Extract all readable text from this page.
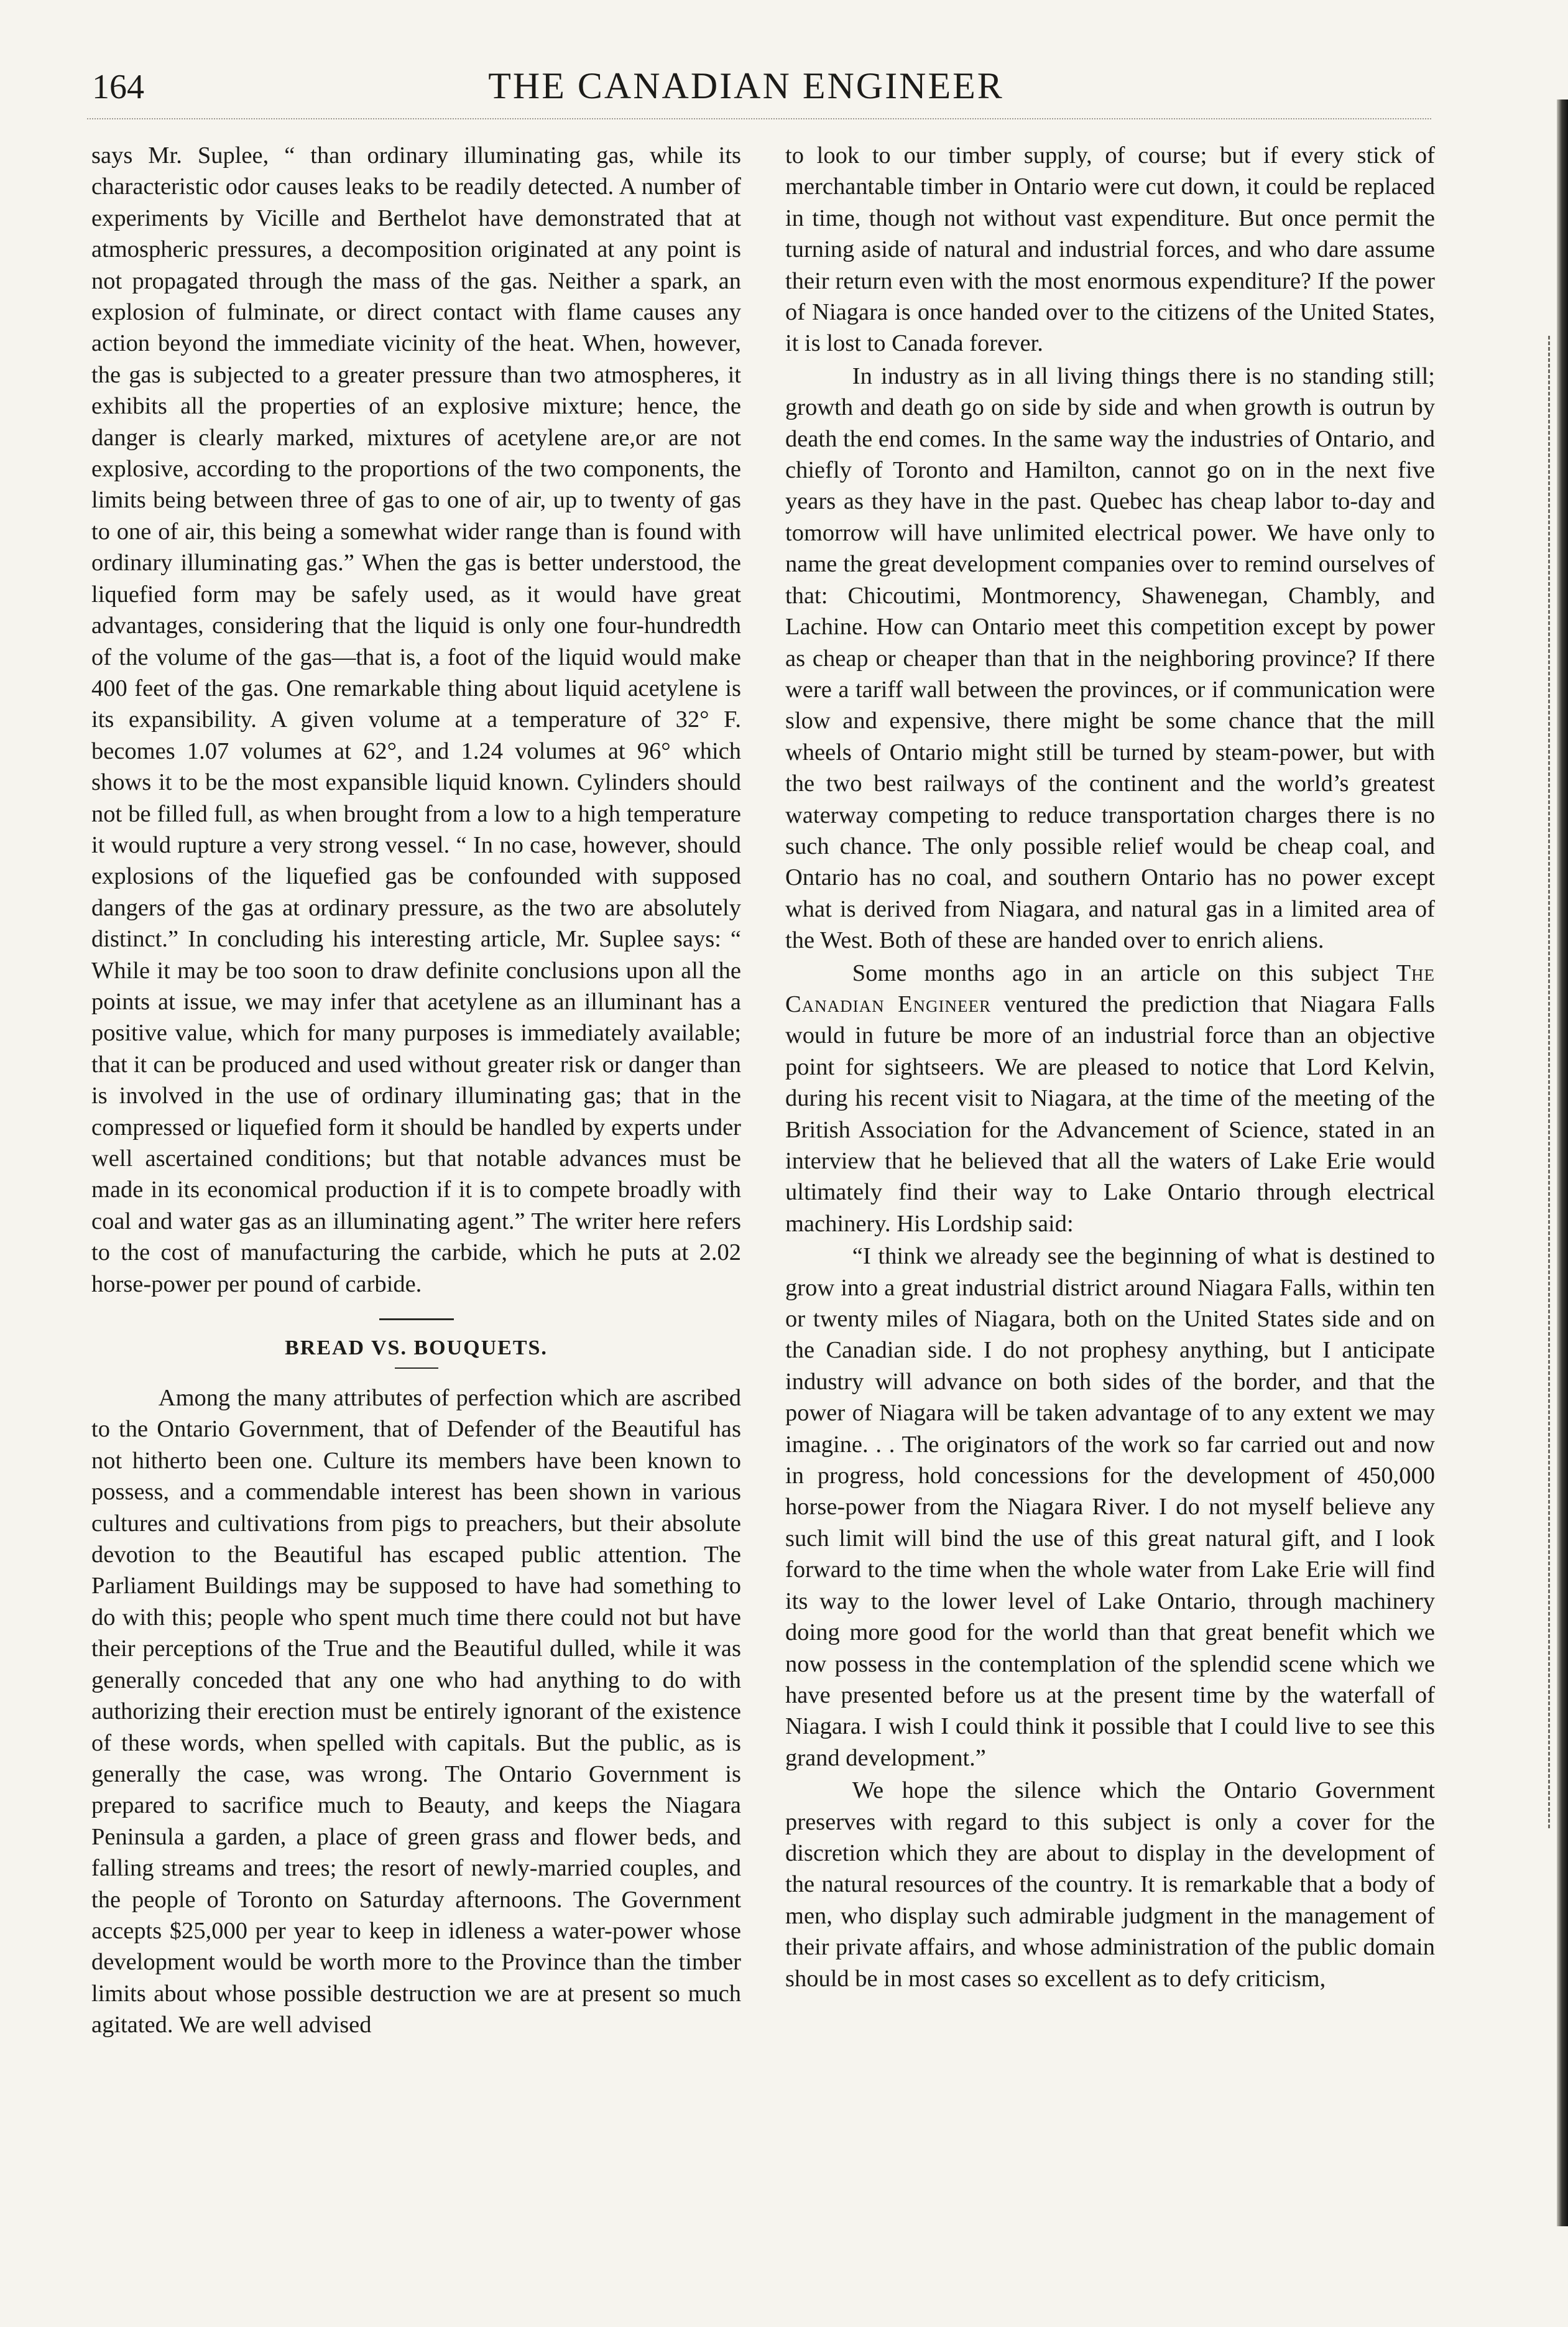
164	THE CANADIAN ENGINEER

says Mr. Suplee, “ than ordinary illuminating gas, while its characteristic odor causes leaks to be readily detected. A number of experiments by Vicille and Berthelot have demonstrated that at atmospheric pressures, a decomposition originated at any point is not propagated through the mass of the gas. Neither a spark, an explosion of fulminate, or direct contact with flame causes any action beyond the immediate vicinity of the heat. When, however, the gas is subjected to a greater pressure than two atmospheres, it exhibits all the properties of an explosive mixture; hence, the danger is clearly marked, mixtures of acetylene are,or are not explosive, according to the proportions of the two components, the limits being between three of gas to one of air, up to twenty of gas to one of air, this being a somewhat wider range than is found with ordinary illuminating gas.” When the gas is better understood, the liquefied form may be safely used, as it would have great advantages, considering that the liquid is only one four-hundredth of the volume of the gas—that is, a foot of the liquid would make 400 feet of the gas. One remarkable thing about liquid acetylene is its expansibility. A given volume at a temperature of 32° F. becomes 1.07 volumes at 62°, and 1.24 volumes at 96° which shows it to be the most expansible liquid known. Cylinders should not be filled full, as when brought from a low to a high temperature it would rupture a very strong vessel. “ In no case, however, should explosions of the liquefied gas be confounded with supposed dangers of the gas at ordinary pressure, as the two are absolutely distinct.” In concluding his interesting article, Mr. Suplee says: “ While it may be too soon to draw definite conclusions upon all the points at issue, we may infer that acetylene as an illuminant has a positive value, which for many purposes is immediately available; that it can be produced and used without greater risk or danger than is involved in the use of ordinary illuminating gas; that in the compressed or liquefied form it should be handled by experts under well ascertained conditions; but that notable advances must be made in its economical production if it is to compete broadly with coal and water gas as an illuminating agent.” The writer here refers to the cost of manufacturing the carbide, which he puts at 2.02 horse-power per pound of carbide.

BREAD VS. BOUQUETS.

Among the many attributes of perfection which are ascribed to the Ontario Government, that of Defender of the Beautiful has not hitherto been one. Culture its members have been known to possess, and a commendable interest has been shown in various cultures and cultivations from pigs to preachers, but their absolute devotion to the Beautiful has escaped public attention. The Parliament Buildings may be supposed to have had something to do with this; people who spent much time there could not but have their perceptions of the True and the Beautiful dulled, while it was generally conceded that any one who had anything to do with authorizing their erection must be entirely ignorant of the existence of these words, when spelled with capitals. But the public, as is generally the case, was wrong. The Ontario Government is prepared to sacrifice much to Beauty, and keeps the Niagara Peninsula a garden, a place of green grass and flower beds, and falling streams and trees; the resort of newly-married couples, and the people of Toronto on Saturday afternoons. The Government accepts $25,000 per year to keep in idleness a water-power whose development would be worth more to the Province than the timber limits about whose possible destruction we are at present so much agitated. We are well advised

to look to our timber supply, of course; but if every stick of merchantable timber in Ontario were cut down, it could be replaced in time, though not without vast expenditure. But once permit the turning aside of natural and industrial forces, and who dare assume their return even with the most enormous expenditure? If the power of Niagara is once handed over to the citizens of the United States, it is lost to Canada forever.

In industry as in all living things there is no standing still; growth and death go on side by side and when growth is outrun by death the end comes. In the same way the industries of Ontario, and chiefly of Toronto and Hamilton, cannot go on in the next five years as they have in the past. Quebec has cheap labor to-day and tomorrow will have unlimited electrical power. We have only to name the great development companies over to remind ourselves of that: Chicoutimi, Montmorency, Shawenegan, Chambly, and Lachine. How can Ontario meet this competition except by power as cheap or cheaper than that in the neighboring province? If there were a tariff wall between the provinces, or if communication were slow and expensive, there might be some chance that the mill wheels of Ontario might still be turned by steam-power, but with the two best railways of the continent and the world’s greatest waterway competing to reduce transportation charges there is no such chance. The only possible relief would be cheap coal, and Ontario has no coal, and southern Ontario has no power except what is derived from Niagara, and natural gas in a limited area of the West. Both of these are handed over to enrich aliens.

Some months ago in an article on this subject The Canadian Engineer ventured the prediction that Niagara Falls would in future be more of an industrial force than an objective point for sightseers. We are pleased to notice that Lord Kelvin, during his recent visit to Niagara, at the time of the meeting of the British Association for the Advancement of Science, stated in an interview that he believed that all the waters of Lake Erie would ultimately find their way to Lake Ontario through electrical machinery. His Lordship said:

“I think we already see the beginning of what is destined to grow into a great industrial district around Niagara Falls, within ten or twenty miles of Niagara, both on the United States side and on the Canadian side. I do not prophesy anything, but I anticipate industry will advance on both sides of the border, and that the power of Niagara will be taken advantage of to any extent we may imagine. . . The originators of the work so far carried out and now in progress, hold concessions for the development of 450,000 horse-power from the Niagara River. I do not myself believe any such limit will bind the use of this great natural gift, and I look forward to the time when the whole water from Lake Erie will find its way to the lower level of Lake Ontario, through machinery doing more good for the world than that great benefit which we now possess in the contemplation of the splendid scene which we have presented before us at the present time by the waterfall of Niagara. I wish I could think it possible that I could live to see this grand development.”

We hope the silence which the Ontario Government preserves with regard to this subject is only a cover for the discretion which they are about to display in the development of the natural resources of the country. It is remarkable that a body of men, who display such admirable judgment in the management of their private affairs, and whose administration of the public domain should be in most cases so excellent as to defy criticism,
